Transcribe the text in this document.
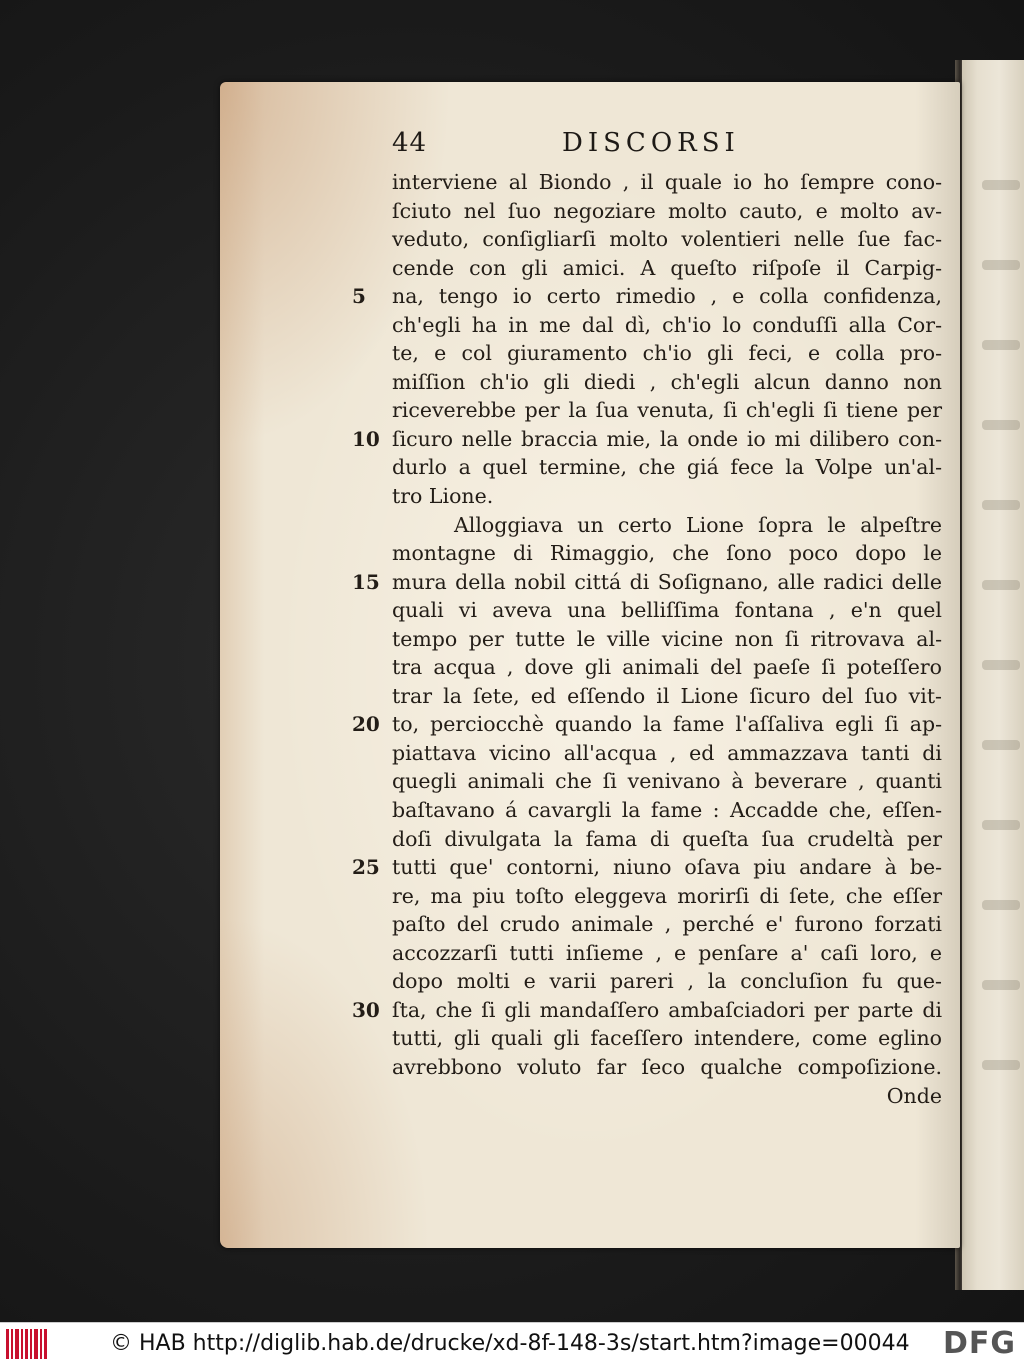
44	DISCORSI
interviene al Biondo , il quale io ho ſempre cono-
ſciuto nel ſuo negoziare molto cauto, e molto av-
veduto, conſigliarſi molto volentieri nelle ſue fac-
cende con gli amici. A queſto riſpoſe il Carpig-
5	na, tengo io certo rimedio , e colla confidenza,
ch'egli ha in me dal dì, ch'io lo conduſſi alla Cor-
te, e col giuramento ch'io gli feci, e colla pro-
miſſion ch'io gli diedi , ch'egli alcun danno non
riceverebbe per la ſua venuta, ſi ch'egli ſi tiene per
10 ſicuro nelle braccia mie, la onde io mi dilibero con-
durlo a quel termine, che giá fece la Volpe un'al-
tro Lione.
Alloggiava un certo Lione ſopra le alpeſtre
montagne di Rimaggio, che ſono poco dopo le
15 mura della nobil cittá di Soſignano, alle radici delle
quali vi aveva una belliſſima fontana , e'n quel
tempo per tutte le ville vicine non ſi ritrovava al-
tra acqua , dove gli animali del paeſe ſi poteſſero
trar la ſete, ed eſſendo il Lione ſicuro del ſuo vit-
20 to, perciocchè quando la fame l'aſſaliva egli ſi ap-
piattava vicino all'acqua , ed ammazzava tanti di
quegli animali che ſi venivano à beverare , quanti
baſtavano á cavargli la fame : Accadde che, eſſen-
doſi divulgata la fama di queſta ſua crudeltà per
25 tutti que' contorni, niuno oſava piu andare à be-
re, ma piu toſto eleggeva morirſi di ſete, che eſſer
paſto del crudo animale , perché e' furono forzati
accozzarſi tutti inſieme , e penſare a' caſi loro, e
dopo molti e varii pareri , la concluſion fu que-
30 ſta, che ſi gli mandaſſero ambaſciadori per parte di
tutti, gli quali gli faceſſero intendere, come eglino
avrebbono voluto far ſeco qualche compoſizione.
Onde
© HAB http://diglib.hab.de/drucke/xd-8f-148-3s/start.htm?image=00044 DFG
